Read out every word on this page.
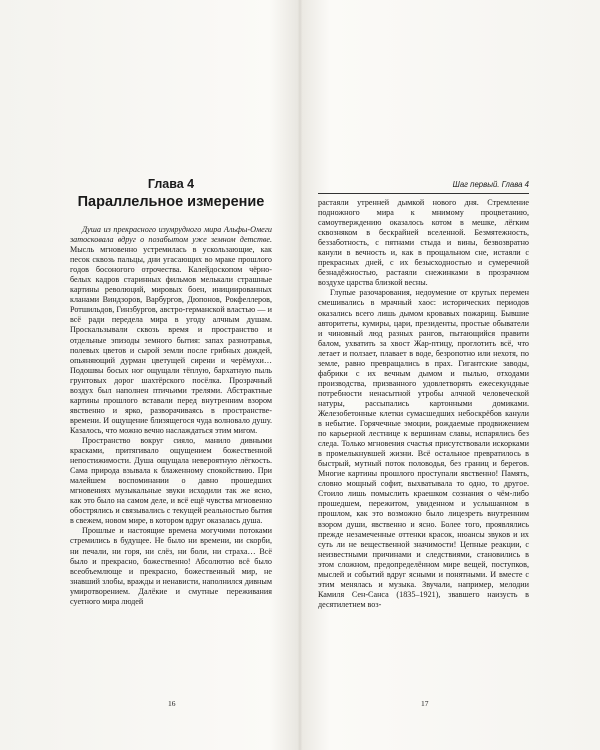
Глава 4
Параллельное измерение

Душа из прекрасного изумрудного мира Альфы-Омеги затосковала вдруг о позабытом уже земном детстве. Мысль мгновенно устремилась в ускользающие, как песок сквозь пальцы, дни угасающих во мраке прошлого годов босоногого отрочества. Калейдоскопом чёрно-белых кадров старинных фильмов мелькали страшные картины революций, мировых боен, инициированных кланами Виндзоров, Варбургов, Дюпонов, Рокфеллеров, Ротшильдов, Гинзбургов, австро-германской властью — и всё ради передела мира в угоду алчным душам. Проскальзывали сквозь время и пространство и отдельные эпизоды земного бытия: запах разнотравья, полевых цветов и сырой земли после грибных дождей, опьяняющий дурман цветущей сирени и черёмухи… Подошвы босых ног ощущали тёплую, бархатную пыль грунтовых дорог шахтёрского посёлка. Прозрачный воздух был наполнен птичьими трелями. Абстрактные картины прошлого вставали перед внутренним взором явственно и ярко, разворачиваясь в пространстве-времени. И ощущение близящегося чуда волновало душу. Казалось, что можно вечно наслаждаться этим мигом.

Пространство вокруг сияло, манило дивными красками, притягивало ощущением божественной непостижимости. Душа ощущала невероятную лёгкость. Сама природа взывала к блаженному спокойствию. При малейшем воспоминании о давно прошедших мгновениях музыкальные звуки исходили так же ясно, как это было на самом деле, и всё ещё чувства мгновенно обострялись и связывались с текущей реальностью бытия в свежем, новом мире, в котором вдруг оказалась душа.

Прошлые и настоящие времена могучими потоками стремились в будущее. Не было ни времени, ни скорби, ни печали, ни горя, ни слёз, ни боли, ни страха… Всё было и прекрасно, божественно! Абсолютно всё было всеобъемлюще и прекрасно, божественный мир, не знавший злобы, вражды и ненависти, наполнился дивным умиротворением. Далёкие и смутные переживания суетного мира людей

16
Шаг первый. Глава 4

растаяли утренней дымкой нового дня. Стремление подножного мира к мнимому процветанию, самоутверждению оказалось котом в мешке, лёгким сквозняком в бескрайней вселенной. Безмятежность, беззаботность, с пятнами стыда и вины, безвозвратно канули в вечность и, как в прощальном сне, истаяли с прекрасных дней, с их безысходностью и сумеречной безнадёжностью, растаяли снежинками в прозрачном воздухе царства близкой весны.

Глупые разочарования, недоумение от крутых перемен смешивались в мрачный хаос: исторических периодов оказались всего лишь дымом кровавых пожарищ. Бывшие авторитеты, кумиры, цари, президенты, простые обыватели и чиновный люд разных рангов, пытающийся правити балом, ухватить за хвост Жар-птицу, проглотить всё, что летает и ползает, плавает в воде, безропотно или нехотя, по земле, равно превращались в прах. Гигантские заводы, фабрики с их вечным дымом и пылью, отходами производства, призванного удовлетворять ежесекундные потребности ненасытной утробы алчной человеческой натуры, рассыпались картонными домиками. Железобетонные клетки сумасшедших небоскрёбов канули в небытие. Горячечные эмоции, рождаемые продвижением по карьерной лестнице к вершинам славы, испарялись без следа. Только мгновения счастья присутствовали искорками в промелькнувшей жизни. Всё остальное превратилось в быстрый, мутный поток половодья, без границ и берегов. Многие картины прошлого проступали явственно! Память, словно мощный софит, выхватывала то одно, то другое. Стоило лишь помыслить краешком сознания о чём-либо прошедшем, пережитом, увиденном и услышанном в прошлом, как это возможно было лицезреть внутренним взором души, явственно и ясно. Более того, проявлялись прежде незамеченные оттенки красок, нюансы звуков и их суть ли не вещественной значимости! Цепные реакции, с неизвестными причинами и следствиями, становились в этом сложном, предопределённом мире вещей, поступков, мыслей и событий вдруг ясными и понятными. И вместе с этим менялась и музыка. Звучали, например, мелодии Камиля Сен-Санса (1835–1921), звавшего наизусть в десятилетнем воз-

17
